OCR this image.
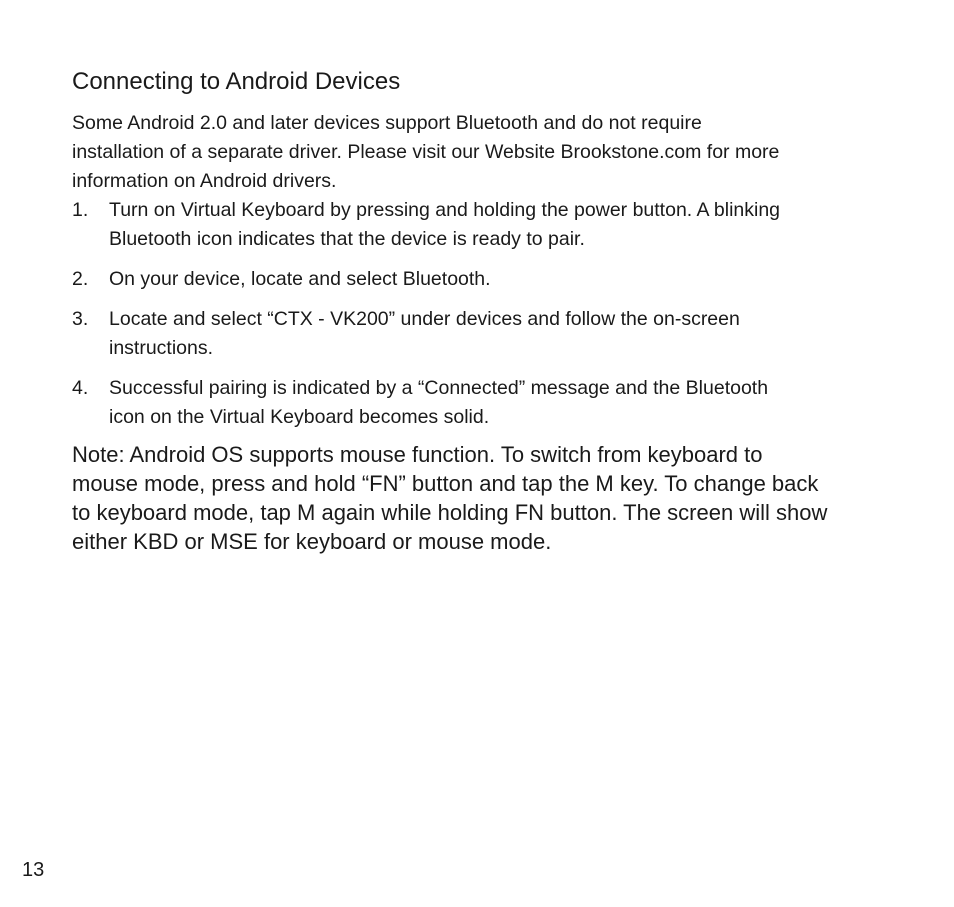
Connecting to Android Devices

Some Android 2.0 and later devices support Bluetooth and do not require
installation of a separate driver. Please visit our Website Brookstone.com for more
information on Android drivers.

1. Turn on Virtual Keyboard by pressing and holding the power button. A blinking
Bluetooth icon indicates that the device is ready to pair.
2. On your device, locate and select Bluetooth.
3. Locate and select “CTX - VK200” under devices and follow the on-screen
instructions.
4. Successful pairing is indicated by a “Connected” message and the Bluetooth
icon on the Virtual Keyboard becomes solid.

Note: Android OS supports mouse function. To switch from keyboard to
mouse mode, press and hold “FN” button and tap the M key. To change back
to keyboard mode, tap M again while holding FN button. The screen will show
either KBD or MSE for keyboard or mouse mode.

13
